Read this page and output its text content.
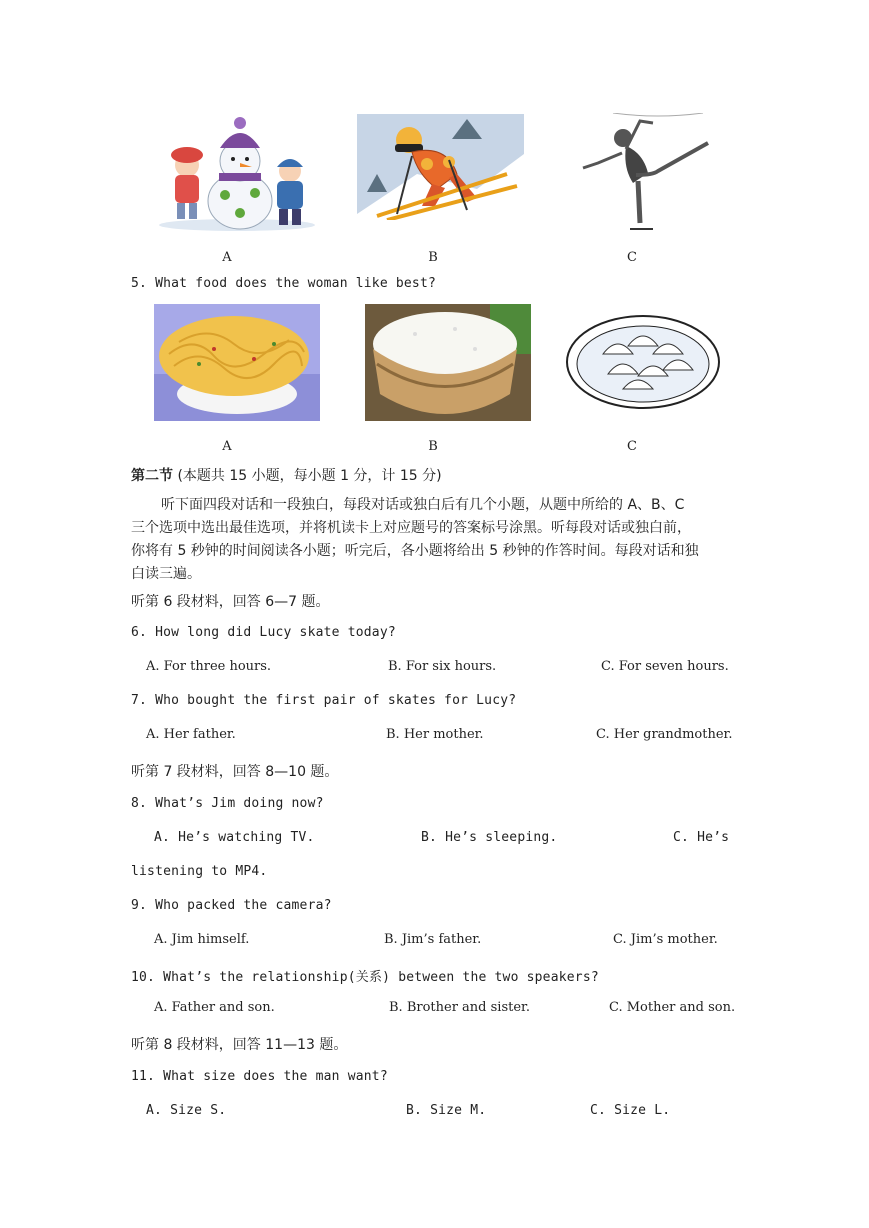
A	B	C
5. What food does the woman like best?
A	B	C
第二节 (本题共 15 小题，每小题 1 分，计 15 分)
听下面四段对话和一段独白，每段对话或独白后有几个小题，从题中所给的 A、B、C
三个选项中选出最佳选项，并将机读卡上对应题号的答案标号涂黑。听每段对话或独白前，
你将有 5 秒钟的时间阅读各小题；听完后，各小题将给出 5 秒钟的作答时间。每段对话和独
白读三遍。
听第 6 段材料，回答 6—7 题。
6. How long did Lucy skate today?
A. For three hours.	B. For six hours.	C. For seven hours.
7. Who bought the first pair of skates for Lucy?
A. Her father.	B. Her mother.	C. Her grandmother.
听第 7 段材料，回答 8—10 题。
8. What’s Jim doing now?
A. He’s watching TV.	B. He’s sleeping.	C. He’s
listening to MP4.
9. Who packed the camera?
A. Jim himself.	B. Jim’s father.	C. Jim’s mother.
10. What’s the relationship(关系) between the two speakers?
A. Father and son.	B. Brother and sister.	C. Mother and son.
听第 8 段材料，回答 11—13 题。
11. What size does the man want?
A. Size S.	B. Size M.	C. Size L.
